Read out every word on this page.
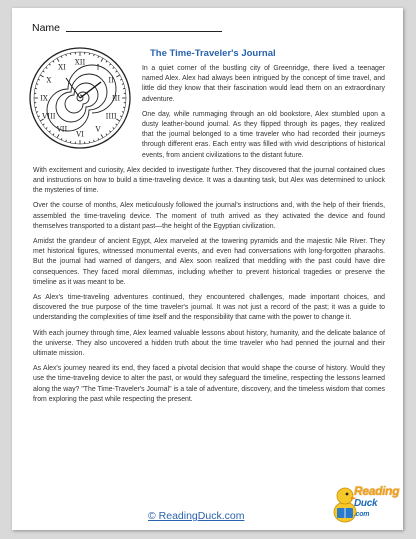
Name
XII
I
II
III
IIII
V
VI
VII
VIII
IX
X
XI
The Time-Traveler's Journal

In a quiet corner of the bustling city of Greenridge, there lived a teenager named Alex. Alex had always been intrigued by the concept of time travel, and little did they know that their fascination would lead them on an extraordinary adventure.

One day, while rummaging through an old bookstore, Alex stumbled upon a dusty leather-bound journal. As they flipped through its pages, they realized that the journal belonged to a time traveler who had recorded their journeys through different eras. Each entry was filled with vivid descriptions of historical events, from ancient civilizations to the distant future.

With excitement and curiosity, Alex decided to investigate further. They discovered that the journal contained clues and instructions on how to build a time-traveling device. It was a daunting task, but Alex was determined to unlock the mysteries of time.

Over the course of months, Alex meticulously followed the journal's instructions and, with the help of their friends, assembled the time-traveling device. The moment of truth arrived as they activated the device and found themselves transported to a distant past—the height of the Egyptian civilization.

Amidst the grandeur of ancient Egypt, Alex marveled at the towering pyramids and the majestic Nile River. They met historical figures, witnessed monumental events, and even had conversations with long-forgotten pharaohs. But the journal had warned of dangers, and Alex soon realized that meddling with the past could have dire consequences. They faced moral dilemmas, including whether to prevent historical tragedies or preserve the timeline as it was meant to be.

As Alex's time-traveling adventures continued, they encountered challenges, made important choices, and discovered the true purpose of the time traveler's journal. It was not just a record of the past; it was a guide to understanding the complexities of time itself and the responsibility that came with the power to change it.

With each journey through time, Alex learned valuable lessons about history, humanity, and the delicate balance of the universe. They also uncovered a hidden truth about the time traveler who had penned the journal and their ultimate mission.

As Alex's journey neared its end, they faced a pivotal decision that would shape the course of history. Would they use the time-traveling device to alter the past, or would they safeguard the timeline, respecting the lessons learned along the way? "The Time-Traveler's Journal" is a tale of adventure, discovery, and the timeless wisdom that comes from exploring the past while respecting the present.

© ReadingDuck.com
Reading
Duck
.com
